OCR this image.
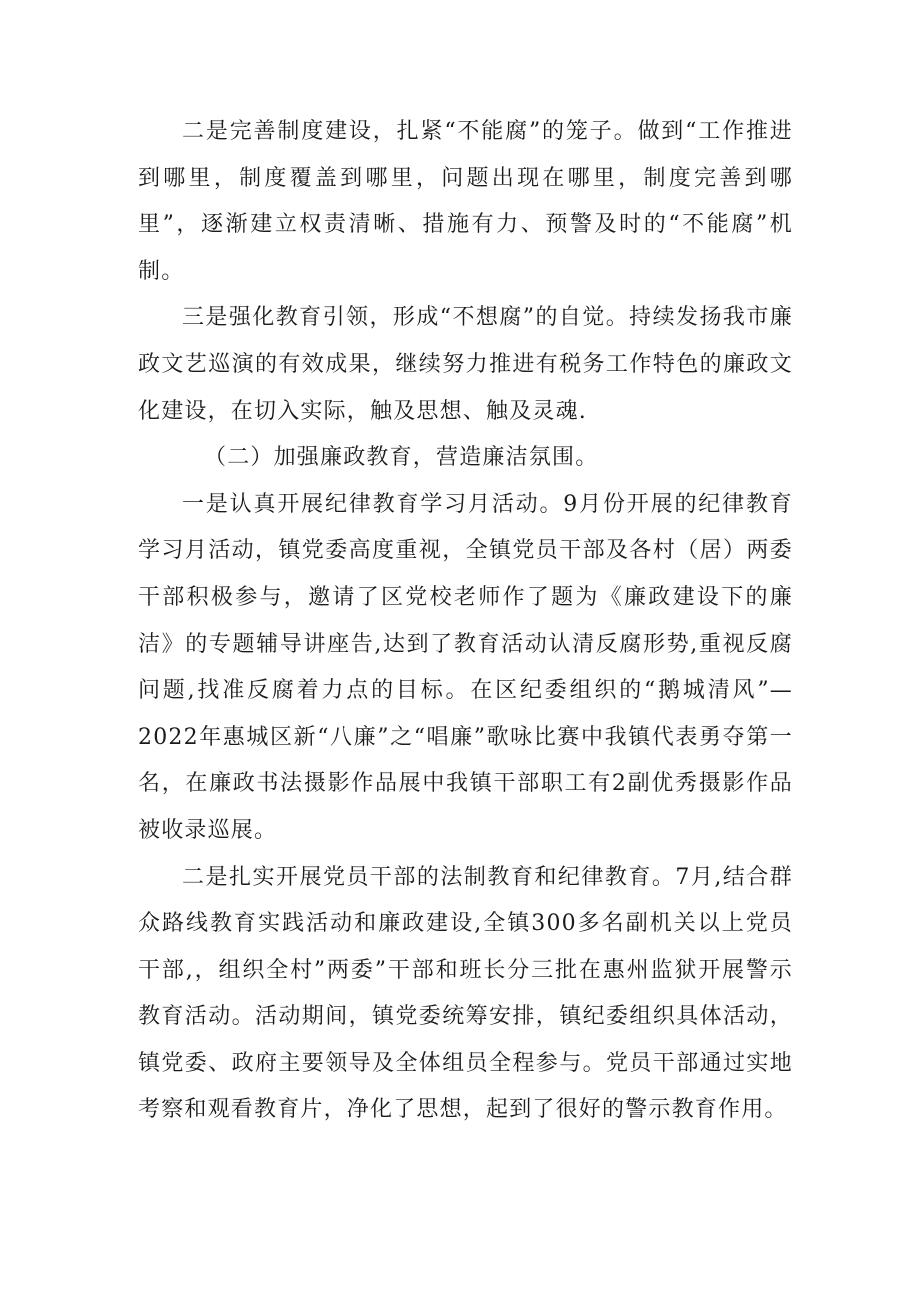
二是完善制度建设，扎紧“不能腐”的笼子。做到“工作推进到哪里，制度覆盖到哪里，问题出现在哪里，制度完善到哪里”，逐渐建立权责清晰、措施有力、预警及时的“不能腐”机制。

三是强化教育引领，形成“不想腐”的自觉。持续发扬我市廉政文艺巡演的有效成果，继续努力推进有税务工作特色的廉政文化建设，在切入实际，触及思想、触及灵魂.

（二）加强廉政教育，营造廉洁氛围。

一是认真开展纪律教育学习月活动。9月份开展的纪律教育学习月活动，镇党委高度重视，全镇党员干部及各村（居）两委干部积极参与，邀请了区党校老师作了题为《廉政建设下的廉洁》的专题辅导讲座告,达到了教育活动认清反腐形势,重视反腐问题,找准反腐着力点的目标。在区纪委组织的“鹅城清风”—2022年惠城区新“八廉”之“唱廉”歌咏比赛中我镇代表勇夺第一名，在廉政书法摄影作品展中我镇干部职工有2副优秀摄影作品被收录巡展。

二是扎实开展党员干部的法制教育和纪律教育。7月,结合群众路线教育实践活动和廉政建设,全镇300多名副机关以上党员干部,，组织全村”两委”干部和班长分三批在惠州监狱开展警示教育活动。活动期间，镇党委统筹安排，镇纪委组织具体活动，镇党委、政府主要领导及全体组员全程参与。党员干部通过实地考察和观看教育片，净化了思想，起到了很好的警示教育作用。
